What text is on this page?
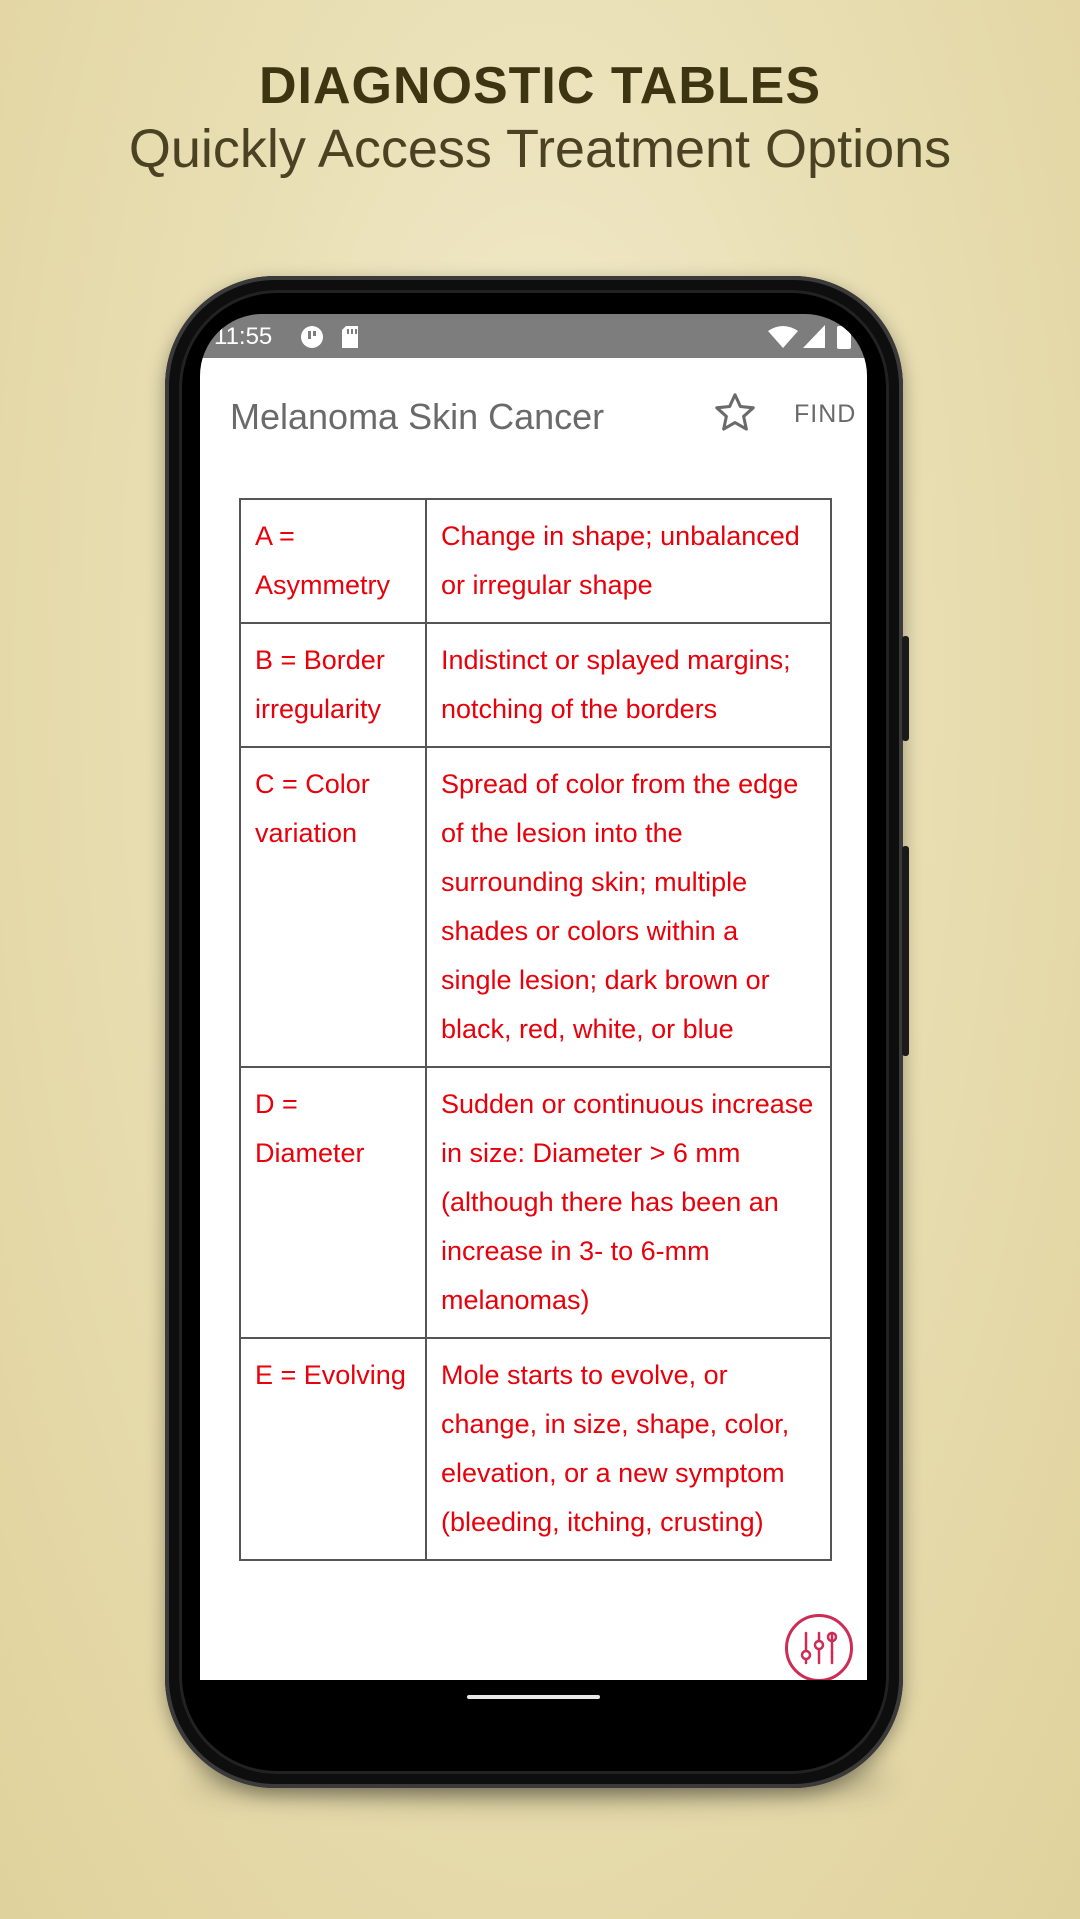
DIAGNOSTIC TABLES
Quickly Access Treatment Options
11:55
Melanoma Skin Cancer	FIND
A = Asymmetry	Change in shape; unbalanced or irregular shape
B = Border irregularity	Indistinct or splayed margins; notching of the borders
C = Color variation	Spread of color from the edge of the lesion into the surrounding skin; multiple shades or colors within a single lesion; dark brown or black, red, white, or blue
D = Diameter	Sudden or continuous increase in size: Diameter > 6 mm (although there has been an increase in 3- to 6-mm melanomas)
E = Evolving	Mole starts to evolve, or change, in size, shape, color, elevation, or a new symptom (bleeding, itching, crusting)
